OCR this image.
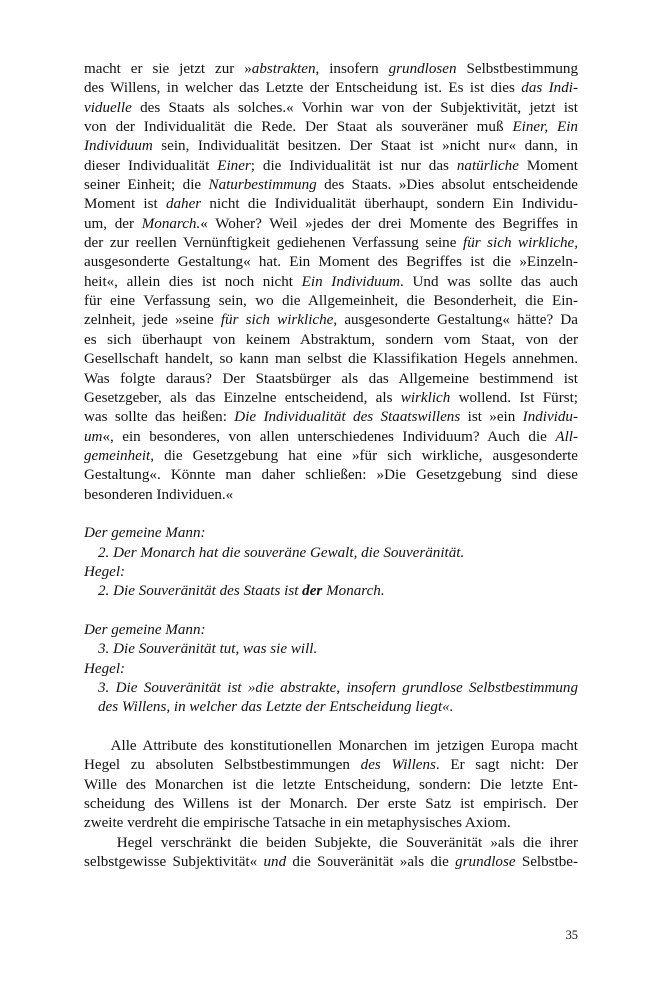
macht er sie jetzt zur »abstrakten, insofern grundlosen Selbstbestimmung
des Willens, in welcher das Letzte der Entscheidung ist. Es ist dies das Indi-
viduelle des Staats als solches.« Vorhin war von der Subjektivität, jetzt ist
von der Individualität die Rede. Der Staat als souveräner muß Einer, Ein
Individuum sein, Individualität besitzen. Der Staat ist »nicht nur« dann, in
dieser Individualität Einer; die Individualität ist nur das natürliche Moment
seiner Einheit; die Naturbestimmung des Staats. »Dies absolut entscheidende
Moment ist daher nicht die Individualität überhaupt, sondern Ein Individu-
um, der Monarch.« Woher? Weil »jedes der drei Momente des Begriffes in
der zur reellen Vernünftigkeit gediehenen Verfassung seine für sich wirkliche,
ausgesonderte Gestaltung« hat. Ein Moment des Begriffes ist die »Einzeln-
heit«, allein dies ist noch nicht Ein Individuum. Und was sollte das auch
für eine Verfassung sein, wo die Allgemeinheit, die Besonderheit, die Ein-
zelnheit, jede »seine für sich wirkliche, ausgesonderte Gestaltung« hätte? Da
es sich überhaupt von keinem Abstraktum, sondern vom Staat, von der
Gesellschaft handelt, so kann man selbst die Klassifikation Hegels annehmen.
Was folgte daraus? Der Staatsbürger als das Allgemeine bestimmend ist
Gesetzgeber, als das Einzelne entscheidend, als wirklich wollend. Ist Fürst;
was sollte das heißen: Die Individualität des Staatswillens ist »ein Individu-
um«, ein besonderes, von allen unterschiedenes Individuum? Auch die All-
gemeinheit, die Gesetzgebung hat eine »für sich wirkliche, ausgesonderte
Gestaltung«. Könnte man daher schließen: »Die Gesetzgebung sind diese
besonderen Individuen.«
Der gemeine Mann:
2. Der Monarch hat die souveräne Gewalt, die Souveränität.
Hegel:
2. Die Souveränität des Staats ist der Monarch.
Der gemeine Mann:
3. Die Souveränität tut, was sie will.
Hegel:
3. Die Souveränität ist »die abstrakte, insofern grundlose Selbstbestimmung
des Willens, in welcher das Letzte der Entscheidung liegt«.
Alle Attribute des konstitutionellen Monarchen im jetzigen Europa macht
Hegel zu absoluten Selbstbestimmungen des Willens. Er sagt nicht: Der
Wille des Monarchen ist die letzte Entscheidung, sondern: Die letzte Ent-
scheidung des Willens ist der Monarch. Der erste Satz ist empirisch. Der
zweite verdreht die empirische Tatsache in ein metaphysisches Axiom.
Hegel verschränkt die beiden Subjekte, die Souveränität »als die ihrer
selbstgewisse Subjektivität« und die Souveränität »als die grundlose Selbstbe-
35
